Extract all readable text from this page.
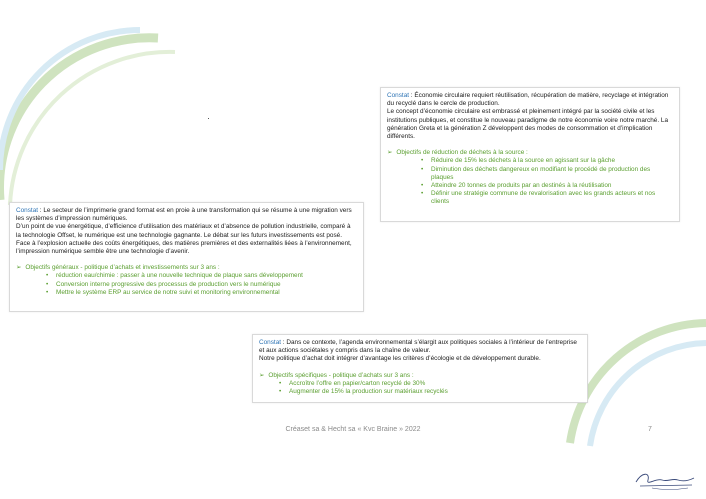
Constat : Économie circulaire requiert réutilisation, récupération de matière, recyclage et intégration du recyclé dans le cercle de production.

Le concept d’économie circulaire est embrassé et pleinement intégré par la société civile et les institutions publiques, et constitue le nouveau paradigme de notre économie voire notre marché. La génération Greta et la génération Z développent des modes de consommation et d’implication différents.

➢ Objectifs de réduction de déchets à la source :
• Réduire de 15% les déchets à la source en agissant sur la gâche
• Diminution des déchets dangereux en modifiant le procédé de production des plaques
• Atteindre 20 tonnes de produits par an destinés à la réutilisation
• Définir une stratégie commune de revalorisation avec les grands acteurs et nos clients

Constat : Le secteur de l’imprimerie grand format est en proie à une transformation qui se résume à une migration vers les systèmes d’impression numériques.

D’un point de vue énergétique, d’efficience d’utilisation des matériaux et d’absence de pollution industrielle, comparé à la technologie Offset, le numérique est une technologie gagnante. Le débat sur les futurs investissements est posé.

Face à l’explosion actuelle des coûts énergétiques, des matières premières et des externalités liées à l’environnement, l’impression numérique semble être une technologie d’avenir.

➢ Objectifs généraux - politique d’achats et investissements sur 3 ans :
• réduction eau/chimie : passer à une nouvelle technique de plaque sans développement
• Conversion interne progressive des processus de production vers le numérique
• Mettre le système ERP au service de notre suivi et monitoring environnemental

Constat : Dans ce contexte, l’agenda environnemental s’élargit aux politiques sociales à l’intérieur de l’entreprise et aux actions sociétales y compris dans la chaîne de valeur.

Notre politique d’achat doit intégrer d’avantage les critères d’écologie et de développement durable.

➢ Objectifs spécifiques - politique d’achats sur 3 ans :
• Accroître l’offre en papier/carton recyclé de 30%
• Augmenter de 15% la production sur matériaux recyclés
Créaset sa & Hecht sa « Kvc Braine » 2022	7
